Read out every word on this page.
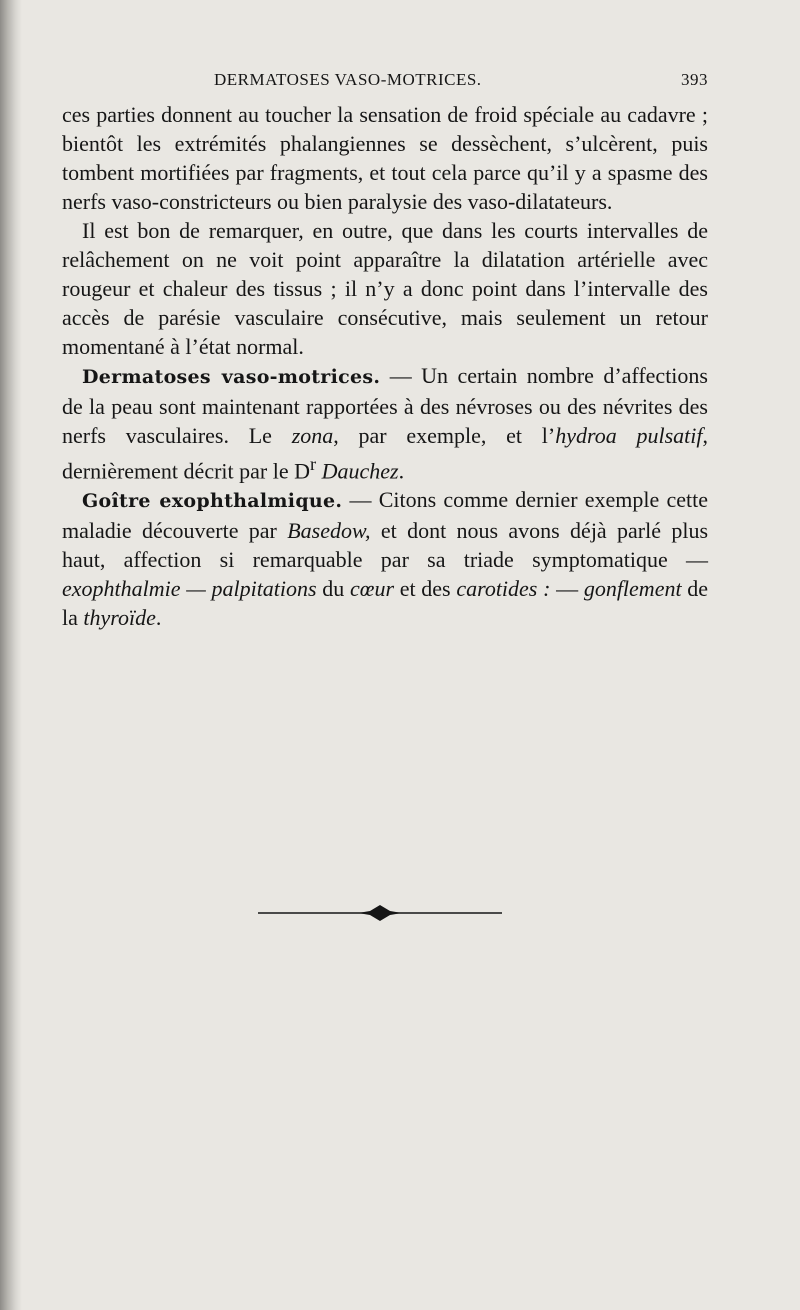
DERMATOSES VASO-MOTRICES.	393

ces parties donnent au toucher la sensation de froid spéciale au cadavre ; bientôt les extrémités phalangiennes se dessèchent, s’ulcèrent, puis tombent mortifiées par fragments, et tout cela parce qu’il y a spasme des nerfs vaso-constricteurs ou bien paralysie des vaso-dilatateurs.

Il est bon de remarquer, en outre, que dans les courts intervalles de relâchement on ne voit point apparaître la dilatation artérielle avec rougeur et chaleur des tissus ; il n’y a donc point dans l’intervalle des accès de parésie vasculaire consécutive, mais seulement un retour momentané à l’état normal.

Dermatoses vaso-motrices. — Un certain nombre d’affections de la peau sont maintenant rapportées à des névroses ou des névrites des nerfs vasculaires. Le zona, par exemple, et l’hydroa pulsatif, dernièrement décrit par le $D^r$ Dauchez.

Goître exophthalmique. — Citons comme dernier exemple cette maladie découverte par Basedow, et dont nous avons déjà parlé plus haut, affection si remarquable par sa triade symptomatique — exophthalmie — palpitations du cœur et des carotides : — gonflement de la thyroïde.
